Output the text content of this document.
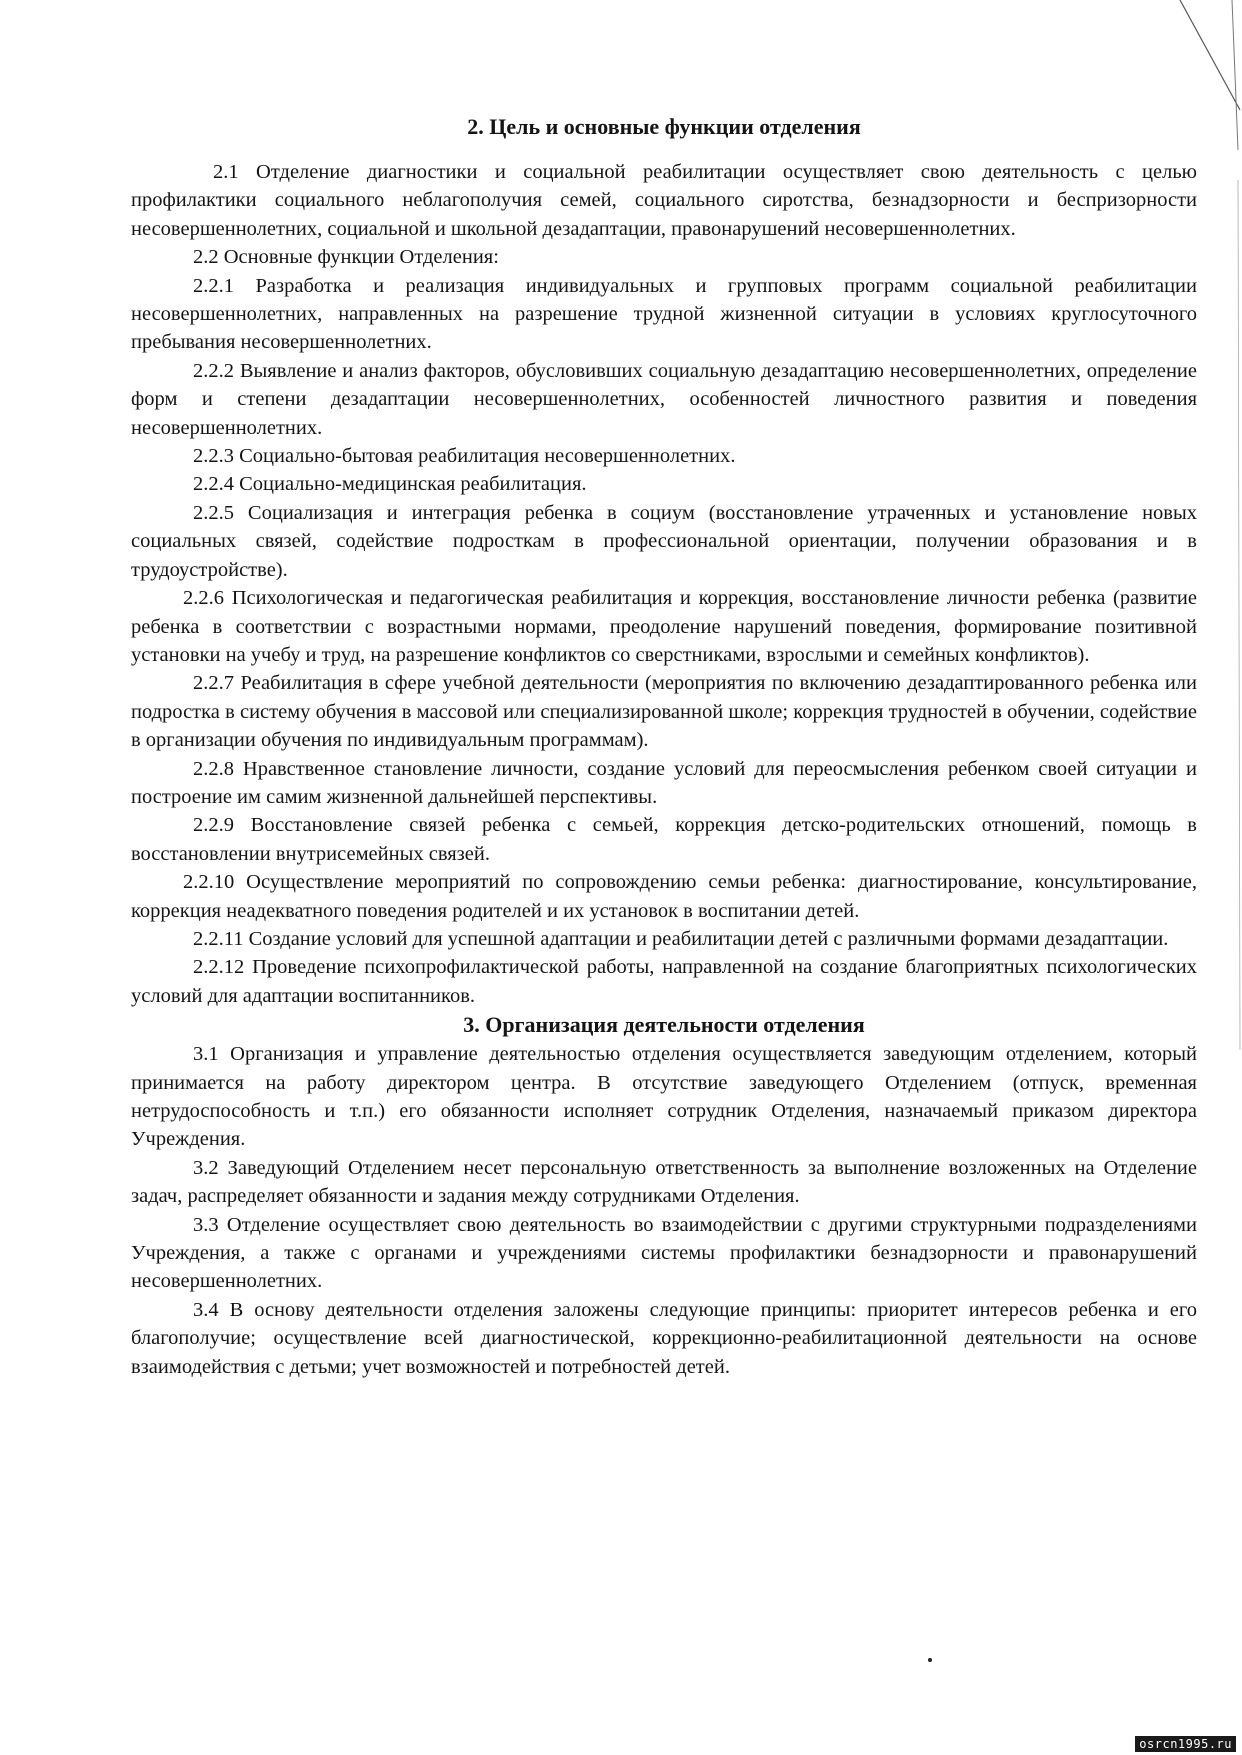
2. Цель и основные функции отделения

2.1 Отделение диагностики и социальной реабилитации осуществляет свою деятельность с целью профилактики социального неблагополучия семей, социального сиротства, безнадзорности и беспризорности несовершеннолетних, социальной и школьной дезадаптации, правонарушений несовершеннолетних.

2.2 Основные функции Отделения:

2.2.1 Разработка и реализация индивидуальных и групповых программ социальной реабилитации несовершеннолетних, направленных на разрешение трудной жизненной ситуации в условиях круглосуточного пребывания несовершеннолетних.

2.2.2 Выявление и анализ факторов, обусловивших социальную дезадаптацию несовершеннолетних, определение форм и степени дезадаптации несовершеннолетних, особенностей личностного развития и поведения несовершеннолетних.

2.2.3 Социально-бытовая реабилитация несовершеннолетних.

2.2.4 Социально-медицинская реабилитация.

2.2.5 Социализация и интеграция ребенка в социум (восстановление утраченных и установление новых социальных связей, содействие подросткам в профессиональной ориентации, получении образования и в трудоустройстве).

2.2.6 Психологическая и педагогическая реабилитация и коррекция, восстановление личности ребенка (развитие ребенка в соответствии с возрастными нормами, преодоление нарушений поведения, формирование позитивной установки на учебу и труд, на разрешение конфликтов со сверстниками, взрослыми и семейных конфликтов).

2.2.7 Реабилитация в сфере учебной деятельности (мероприятия по включению дезадаптированного ребенка или подростка в систему обучения в массовой или специализированной школе; коррекция трудностей в обучении, содействие в организации обучения по индивидуальным программам).

2.2.8 Нравственное становление личности, создание условий для переосмысления ребенком своей ситуации и построение им самим жизненной дальнейшей перспективы.

2.2.9 Восстановление связей ребенка с семьей, коррекция детско-родительских отношений, помощь в восстановлении внутрисемейных связей.

2.2.10 Осуществление мероприятий по сопровождению семьи ребенка: диагностирование, консультирование, коррекция неадекватного поведения родителей и их установок в воспитании детей.

2.2.11 Создание условий для успешной адаптации и реабилитации детей с различными формами дезадаптации.

2.2.12 Проведение психопрофилактической работы, направленной на создание благоприятных психологических условий для адаптации воспитанников.

3. Организация деятельности отделения

3.1 Организация и управление деятельностью отделения осуществляется заведующим отделением, который принимается на работу директором центра. В отсутствие заведующего Отделением (отпуск, временная нетрудоспособность и т.п.) его обязанности исполняет сотрудник Отделения, назначаемый приказом директора Учреждения.

3.2 Заведующий Отделением несет персональную ответственность за выполнение возложенных на Отделение задач, распределяет обязанности и задания между сотрудниками Отделения.

3.3 Отделение осуществляет свою деятельность во взаимодействии с другими структурными подразделениями Учреждения, а также с органами и учреждениями системы профилактики безнадзорности и правонарушений несовершеннолетних.

3.4 В основу деятельности отделения заложены следующие принципы: приоритет интересов ребенка и его благополучие; осуществление всей диагностической, коррекционно-реабилитационной деятельности на основе взаимодействия с детьми; учет возможностей и потребностей детей.

osrcn1995.ru
